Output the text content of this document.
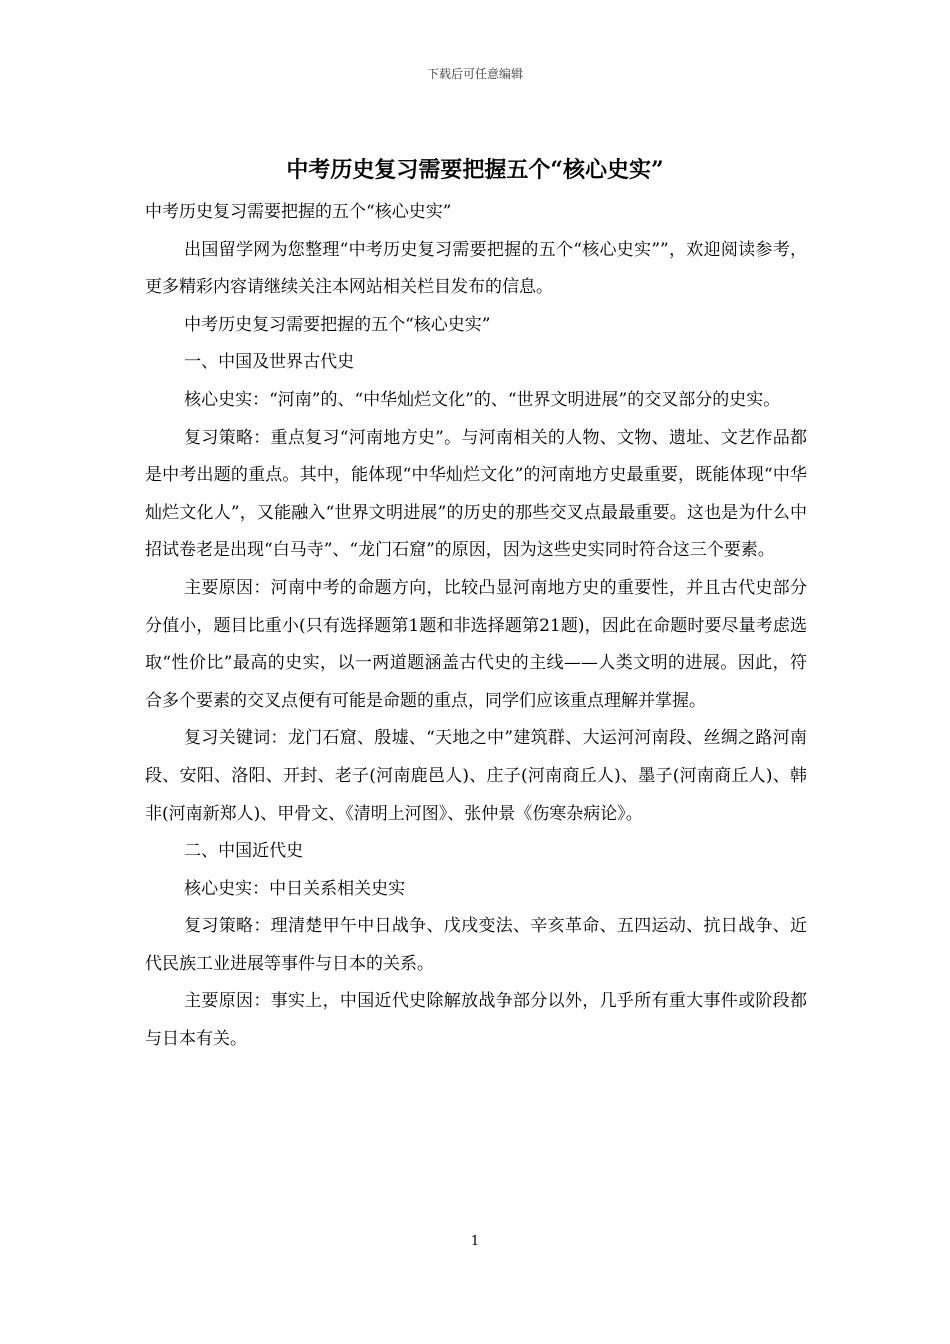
下载后可任意编辑
中考历史复习需要把握五个“核心史实”

中考历史复习需要把握的五个“核心史实”

出国留学网为您整理“中考历史复习需要把握的五个“核心史实””，欢迎阅读参考，更多精彩内容请继续关注本网站相关栏目发布的信息。

中考历史复习需要把握的五个“核心史实”

一、中国及世界古代史

核心史实：“河南”的、“中华灿烂文化”的、“世界文明进展”的交叉部分的史实。

复习策略：重点复习“河南地方史”。与河南相关的人物、文物、遗址、文艺作品都是中考出题的重点。其中，能体现“中华灿烂文化”的河南地方史最重要，既能体现“中华灿烂文化人”，又能融入“世界文明进展”的历史的那些交叉点最最重要。这也是为什么中招试卷老是出现“白马寺”、“龙门石窟”的原因，因为这些史实同时符合这三个要素。

主要原因：河南中考的命题方向，比较凸显河南地方史的重要性，并且古代史部分分值小，题目比重小(只有选择题第1题和非选择题第21题)，因此在命题时要尽量考虑选取“性价比”最高的史实，以一两道题涵盖古代史的主线——人类文明的进展。因此，符合多个要素的交叉点便有可能是命题的重点，同学们应该重点理解并掌握。

复习关键词：龙门石窟、殷墟、“天地之中”建筑群、大运河河南段、丝绸之路河南段、安阳、洛阳、开封、老子(河南鹿邑人)、庄子(河南商丘人)、墨子(河南商丘人)、韩非(河南新郑人)、甲骨文、《清明上河图》、张仲景《伤寒杂病论》。

二、中国近代史

核心史实：中日关系相关史实

复习策略：理清楚甲午中日战争、戊戌变法、辛亥革命、五四运动、抗日战争、近代民族工业进展等事件与日本的关系。

主要原因：事实上，中国近代史除解放战争部分以外，几乎所有重大事件或阶段都与日本有关。

1
